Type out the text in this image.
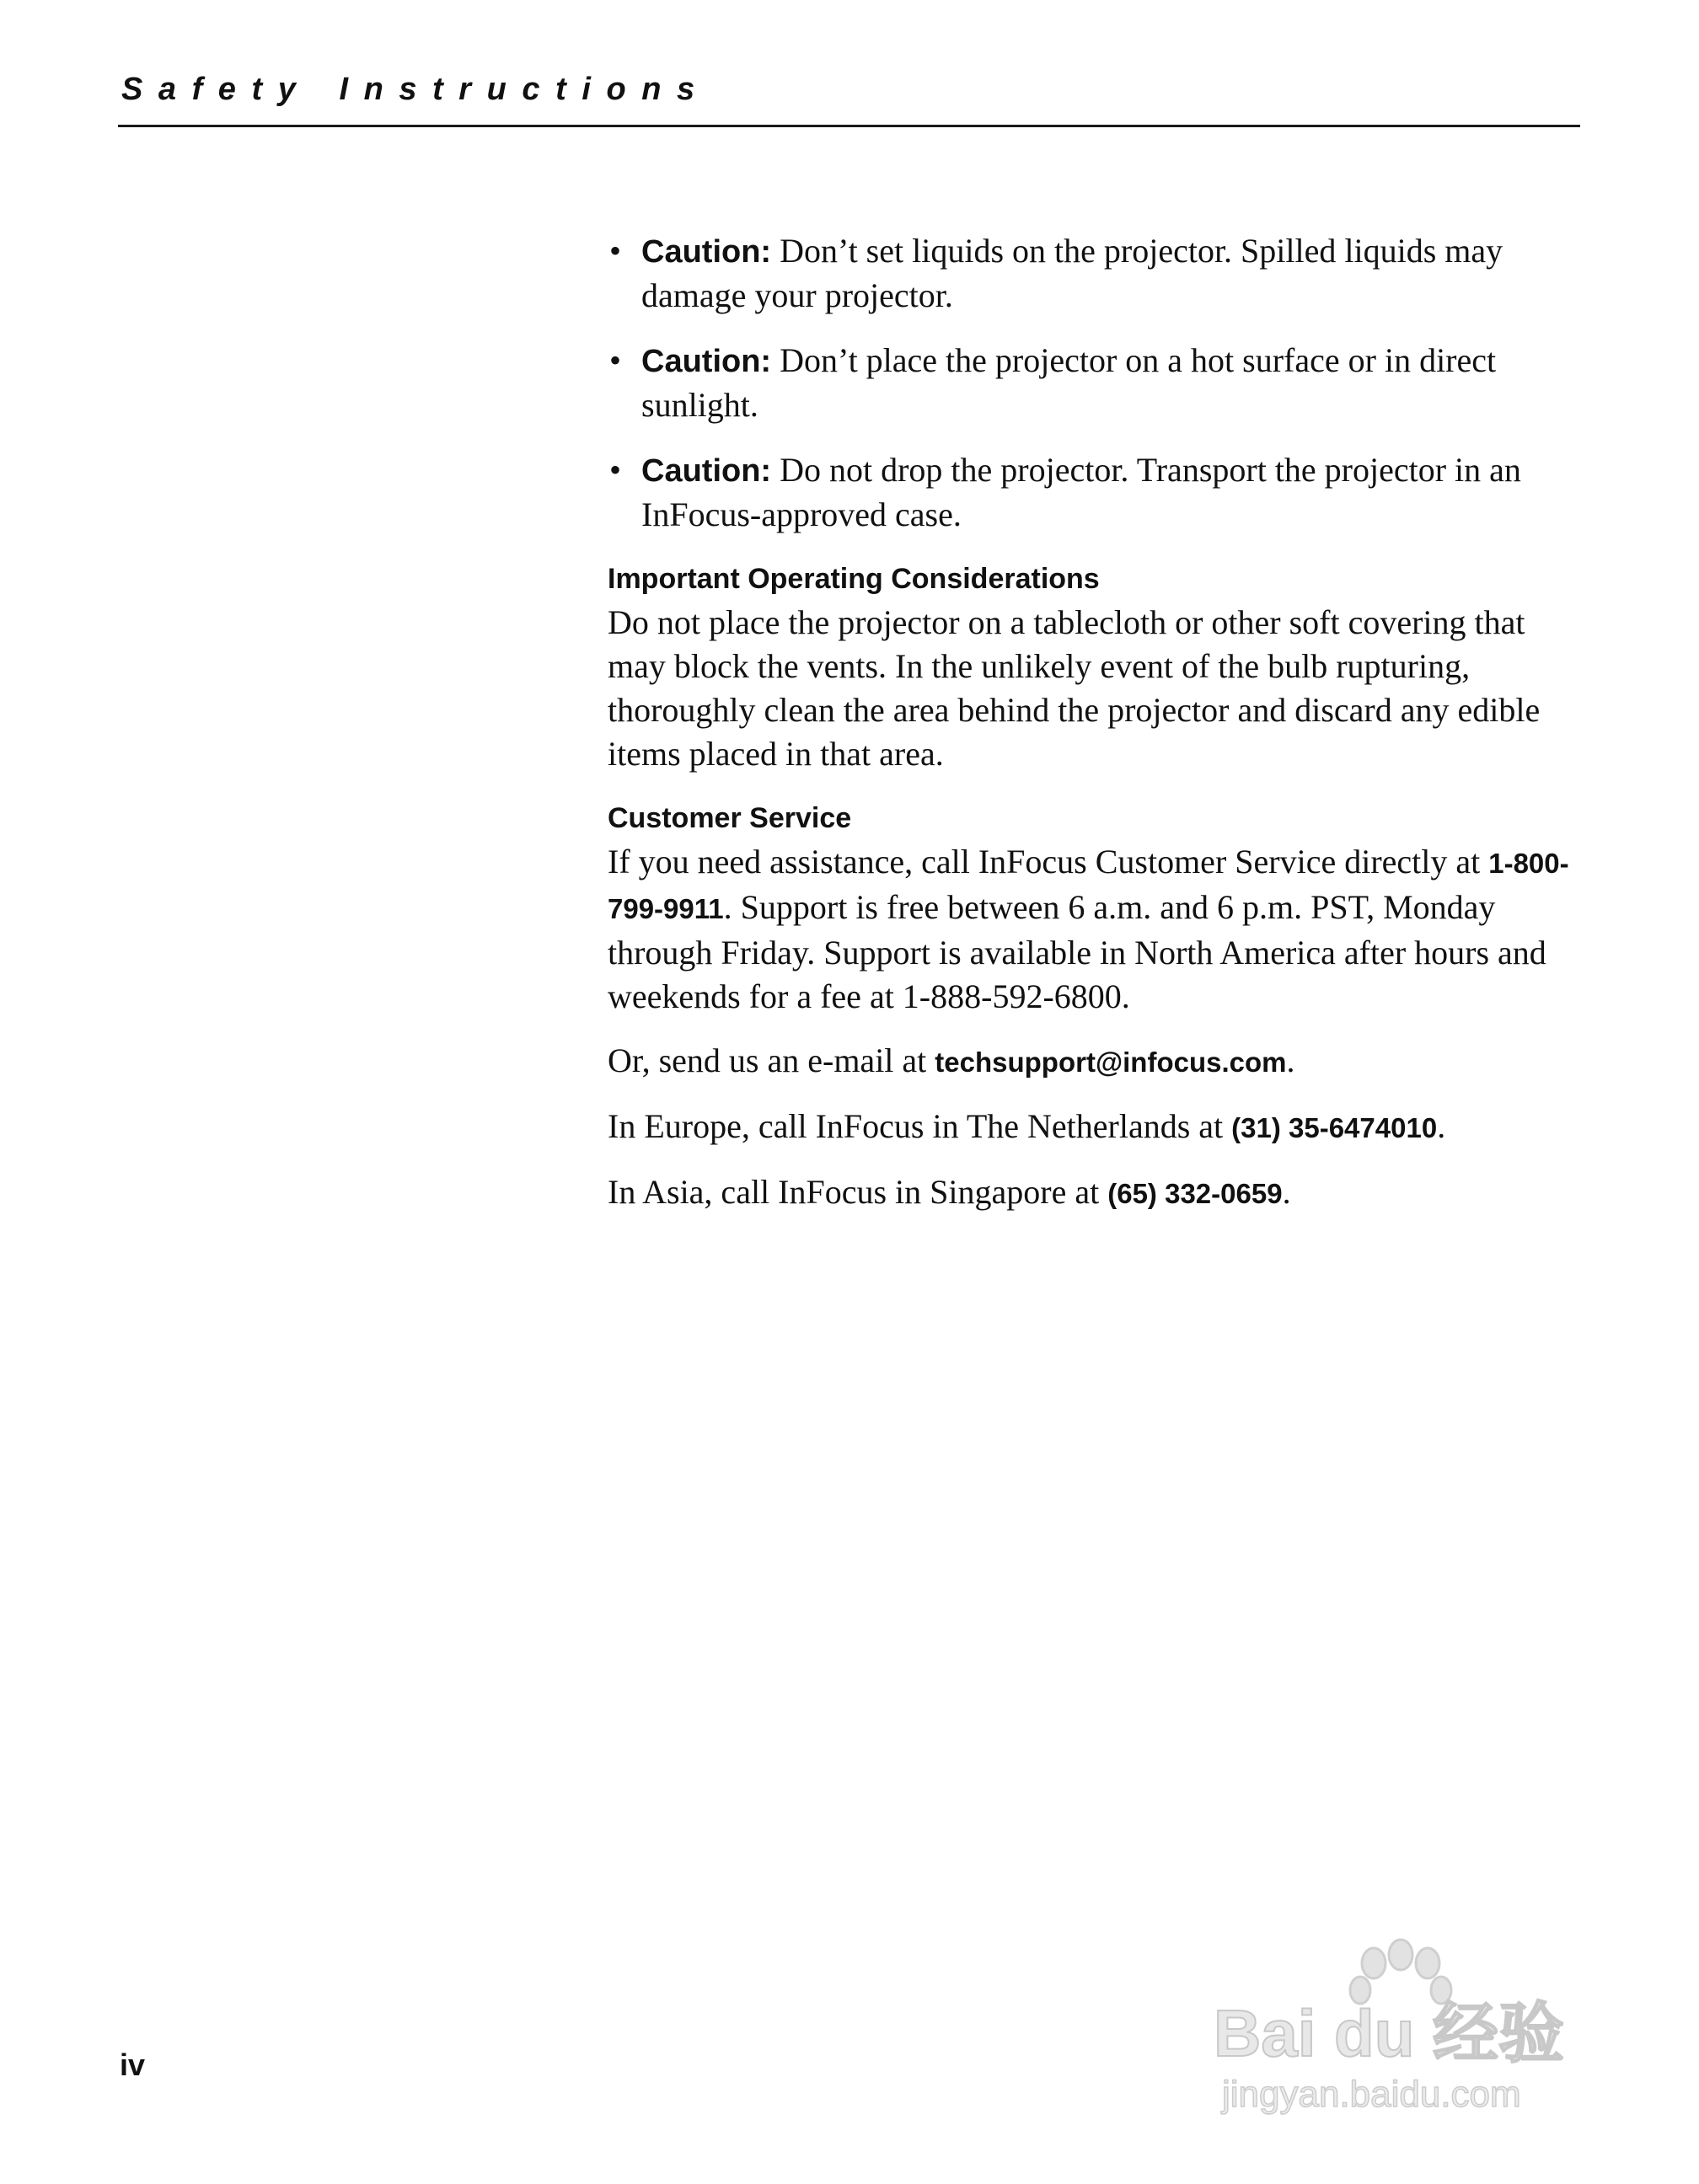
S a f e t y   I n s t r u c t i o n s
• Caution: Don’t set liquids on the projector. Spilled liquids may damage your projector.
• Caution: Don’t place the projector on a hot surface or in direct sunlight.
• Caution: Do not drop the projector. Transport the projector in an InFocus-approved case.
Important Operating Considerations

Do not place the projector on a tablecloth or other soft covering that may block the vents. In the unlikely event of the bulb rupturing, thoroughly clean the area behind the projector and discard any edible items placed in that area.

Customer Service

If you need assistance, call InFocus Customer Service directly at 1-800-799-9911. Support is free between 6 a.m. and 6 p.m. PST, Monday through Friday. Support is available in North America after hours and weekends for a fee at 1-888-592-6800.

Or, send us an e-mail at techsupport@infocus.com.

In Europe, call InFocus in The Netherlands at (31) 35-6474010.

In Asia, call InFocus in Singapore at (65) 332-0659.

iv	Bai du 经验
jingyan.baidu.com
